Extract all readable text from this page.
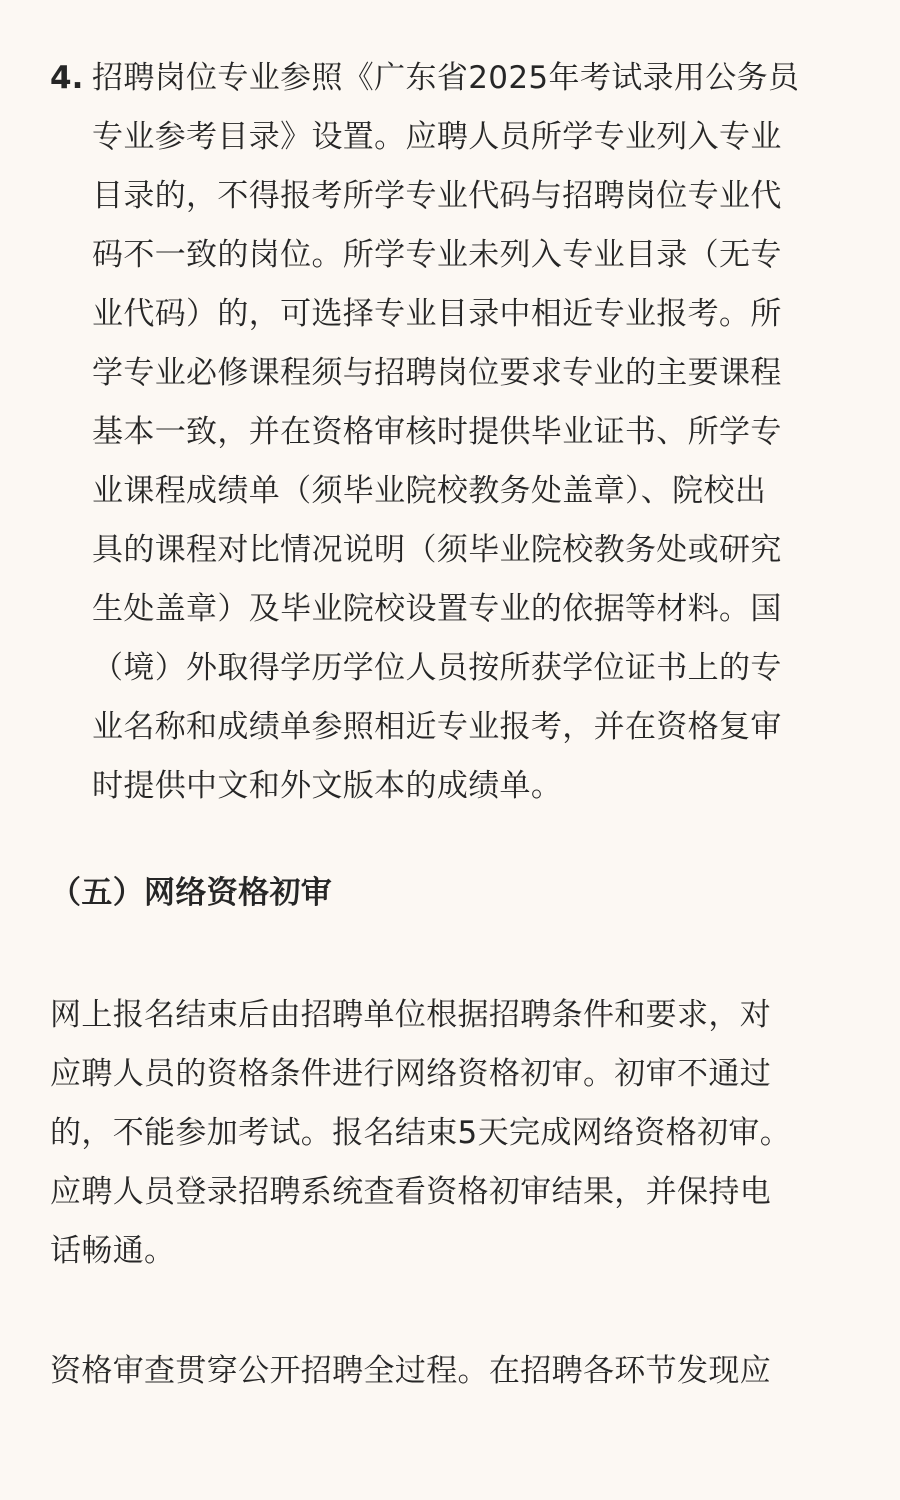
4. 招聘岗位专业参照《广东省2025年考试录用公务员

专业参考目录》设置。应聘人员所学专业列入专业

目录的，不得报考所学专业代码与招聘岗位专业代

码不一致的岗位。所学专业未列入专业目录（无专

业代码）的，可选择专业目录中相近专业报考。所

学专业必修课程须与招聘岗位要求专业的主要课程

基本一致，并在资格审核时提供毕业证书、所学专

业课程成绩单（须毕业院校教务处盖章）、院校出

具的课程对比情况说明（须毕业院校教务处或研究

生处盖章）及毕业院校设置专业的依据等材料。国

（境）外取得学历学位人员按所获学位证书上的专

业名称和成绩单参照相近专业报考，并在资格复审

时提供中文和外文版本的成绩单。

（五）网络资格初审

网上报名结束后由招聘单位根据招聘条件和要求，对

应聘人员的资格条件进行网络资格初审。初审不通过

的，不能参加考试。报名结束5天完成网络资格初审。

应聘人员登录招聘系统查看资格初审结果，并保持电

话畅通。

资格审查贯穿公开招聘全过程。在招聘各环节发现应
